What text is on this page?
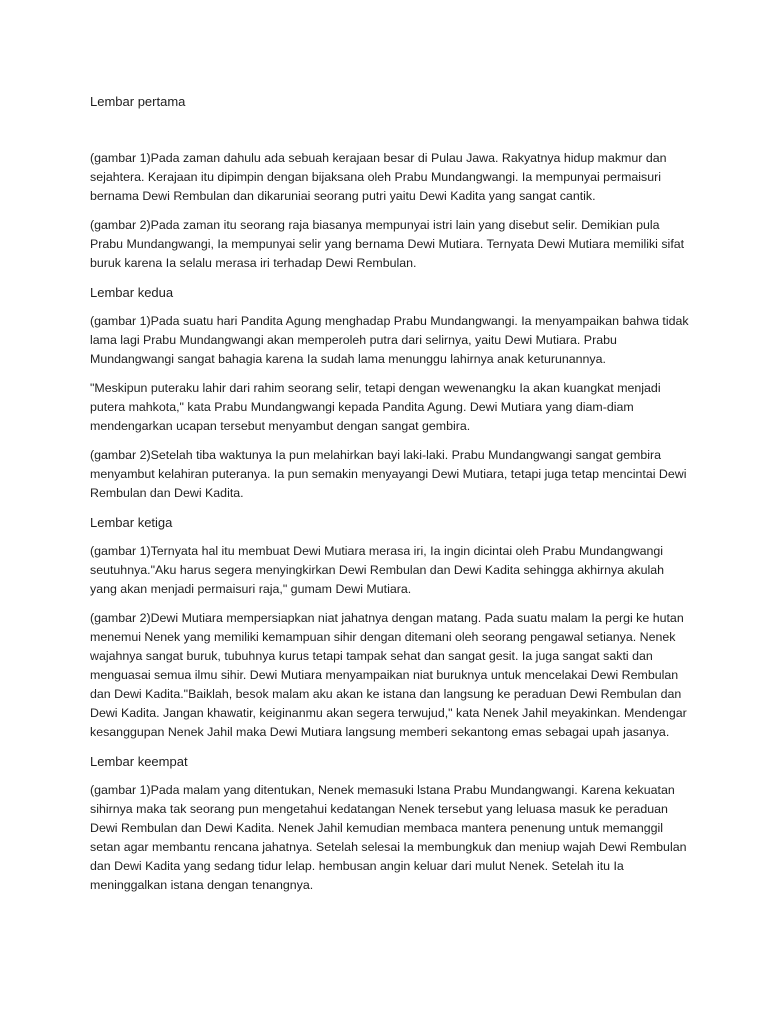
Lembar pertama

(gambar 1)Pada zaman dahulu ada sebuah kerajaan besar di Pulau Jawa. Rakyatnya hidup makmur dan sejahtera. Kerajaan itu dipimpin dengan bijaksana oleh Prabu Mundangwangi. Ia mempunyai permaisuri bernama Dewi Rembulan dan dikaruniai seorang putri yaitu Dewi Kadita yang sangat cantik.

(gambar 2)Pada zaman itu seorang raja biasanya mempunyai istri lain yang disebut selir. Demikian pula Prabu Mundangwangi, Ia mempunyai selir yang bernama Dewi Mutiara. Ternyata Dewi Mutiara memiliki sifat buruk karena Ia selalu merasa iri terhadap Dewi Rembulan.

Lembar kedua

(gambar 1)Pada suatu hari Pandita Agung menghadap Prabu Mundangwangi. Ia menyampaikan bahwa tidak lama lagi Prabu Mundangwangi akan memperoleh putra dari selirnya, yaitu Dewi Mutiara. Prabu Mundangwangi sangat bahagia karena Ia sudah lama menunggu lahirnya anak keturunannya.

"Meskipun puteraku lahir dari rahim seorang selir, tetapi dengan wewenangku Ia akan kuangkat menjadi putera mahkota," kata Prabu Mundangwangi kepada Pandita Agung. Dewi Mutiara yang diam-diam mendengarkan ucapan tersebut menyambut dengan sangat gembira.

(gambar 2)Setelah tiba waktunya Ia pun melahirkan bayi laki-laki. Prabu Mundangwangi sangat gembira menyambut kelahiran puteranya. Ia pun semakin menyayangi Dewi Mutiara, tetapi juga tetap mencintai Dewi Rembulan dan Dewi Kadita.

Lembar ketiga

(gambar 1)Ternyata hal itu membuat Dewi Mutiara merasa iri, Ia ingin dicintai oleh Prabu Mundangwangi seutuhnya."Aku harus segera menyingkirkan Dewi Rembulan dan Dewi Kadita sehingga akhirnya akulah yang akan menjadi permaisuri raja," gumam Dewi Mutiara.

(gambar 2)Dewi Mutiara mempersiapkan niat jahatnya dengan matang. Pada suatu malam Ia pergi ke hutan menemui Nenek yang memiliki kemampuan sihir dengan ditemani oleh seorang pengawal setianya. Nenek wajahnya sangat buruk, tubuhnya kurus tetapi tampak sehat dan sangat gesit. Ia juga sangat sakti dan menguasai semua ilmu sihir. Dewi Mutiara menyampaikan niat buruknya untuk mencelakai Dewi Rembulan dan Dewi Kadita."Baiklah, besok malam aku akan ke istana dan langsung ke peraduan Dewi Rembulan dan Dewi Kadita. Jangan khawatir, keiginanmu akan segera terwujud," kata Nenek Jahil meyakinkan. Mendengar kesanggupan Nenek Jahil maka Dewi Mutiara langsung memberi sekantong emas sebagai upah jasanya.

Lembar keempat

(gambar 1)Pada malam yang ditentukan, Nenek memasuki lstana Prabu Mundangwangi. Karena kekuatan sihirnya maka tak seorang pun mengetahui kedatangan Nenek tersebut yang leluasa masuk ke peraduan Dewi Rembulan dan Dewi Kadita. Nenek Jahil kemudian membaca mantera penenung untuk memanggil setan agar membantu rencana jahatnya. Setelah selesai Ia membungkuk dan meniup wajah Dewi Rembulan dan Dewi Kadita yang sedang tidur lelap. hembusan angin keluar dari mulut Nenek. Setelah itu Ia meninggalkan istana dengan tenangnya.
